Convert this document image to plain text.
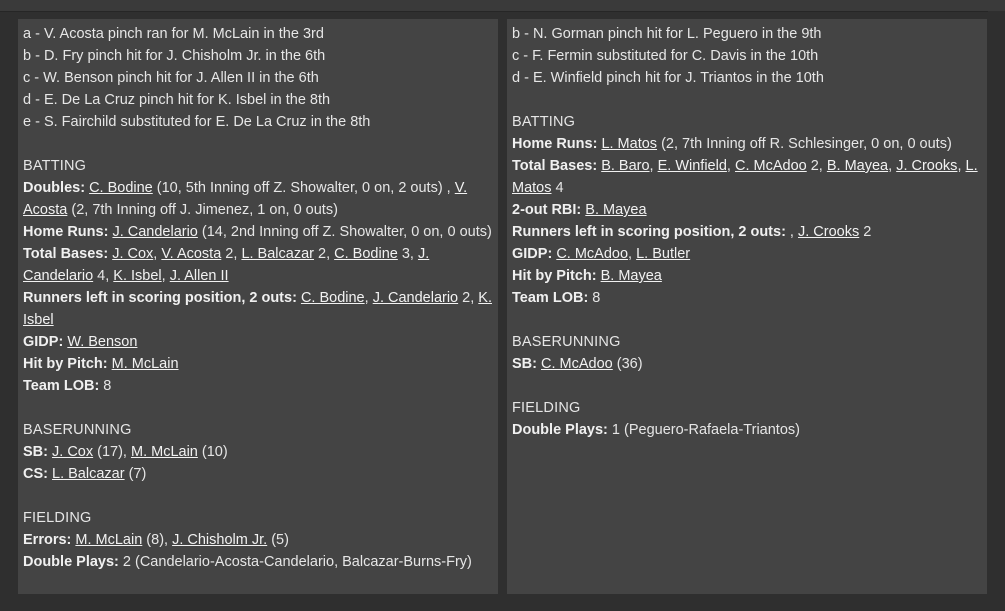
a - V. Acosta pinch ran for M. McLain in the 3rd
b - D. Fry pinch hit for J. Chisholm Jr. in the 6th
c - W. Benson pinch hit for J. Allen II in the 6th
d - E. De La Cruz pinch hit for K. Isbel in the 8th
e - S. Fairchild substituted for E. De La Cruz in the 8th
BATTING
Doubles: C. Bodine (10, 5th Inning off Z. Showalter, 0 on, 2 outs) , V. Acosta (2, 7th Inning off J. Jimenez, 1 on, 0 outs)
Home Runs: J. Candelario (14, 2nd Inning off Z. Showalter, 0 on, 0 outs)
Total Bases: J. Cox, V. Acosta 2, L. Balcazar 2, C. Bodine 3, J. Candelario 4, K. Isbel, J. Allen II
Runners left in scoring position, 2 outs: C. Bodine, J. Candelario 2, K. Isbel
GIDP: W. Benson
Hit by Pitch: M. McLain
Team LOB: 8
BASERUNNING
SB: J. Cox (17), M. McLain (10)
CS: L. Balcazar (7)
FIELDING
Errors: M. McLain (8), J. Chisholm Jr. (5)
Double Plays: 2 (Candelario-Acosta-Candelario, Balcazar-Burns-Fry)
b - N. Gorman pinch hit for L. Peguero in the 9th
c - F. Fermin substituted for C. Davis in the 10th
d - E. Winfield pinch hit for J. Triantos in the 10th
BATTING
Home Runs: L. Matos (2, 7th Inning off R. Schlesinger, 0 on, 0 outs)
Total Bases: B. Baro, E. Winfield, C. McAdoo 2, B. Mayea, J. Crooks, L. Matos 4
2-out RBI: B. Mayea
Runners left in scoring position, 2 outs: , J. Crooks 2
GIDP: C. McAdoo, L. Butler
Hit by Pitch: B. Mayea
Team LOB: 8
BASERUNNING
SB: C. McAdoo (36)
FIELDING
Double Plays: 1 (Peguero-Rafaela-Triantos)
